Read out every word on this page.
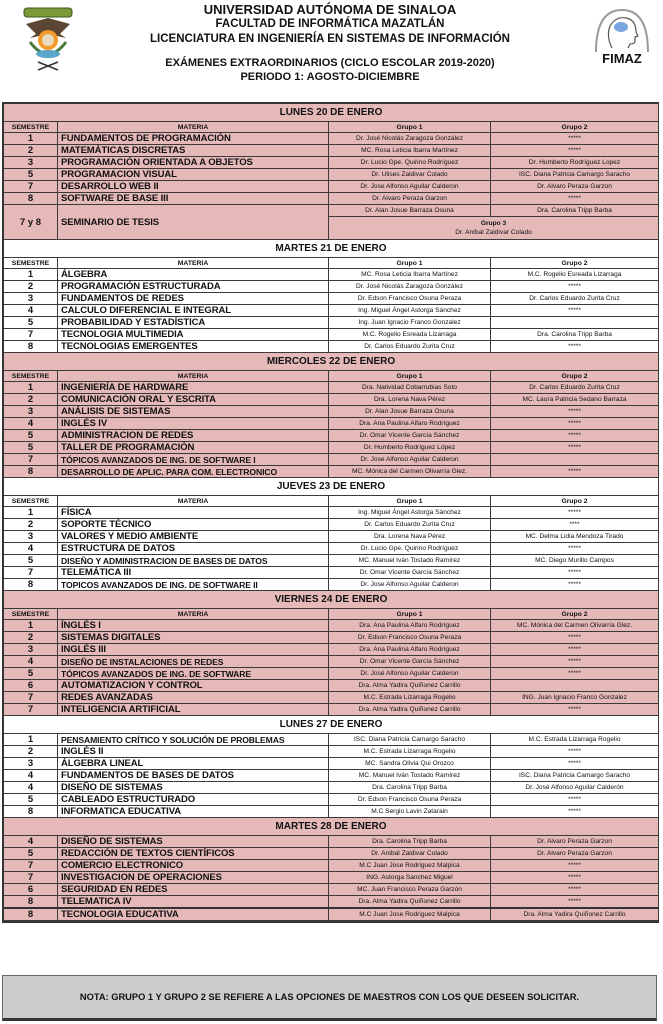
UNIVERSIDAD AUTÓNOMA DE SINALOA
FACULTAD DE INFORMÁTICA MAZATLÁN
LICENCIATURA EN INGENIERÍA EN SISTEMAS DE INFORMACIÓN
EXÁMENES EXTRAORDINARIOS (CICLO ESCOLAR 2019-2020)
PERIODO 1: AGOSTO-DICIEMBRE
FIMAZ
LUNES 20 DE ENERO			
SEMESTRE	MATERIA	Grupo 1	Grupo 2
1	FUNDAMENTOS DE PROGRAMACIÓN	Dr. José Nicolás Zaragoza González	*****
2	MATEMÁTICAS DISCRETAS	MC. Rosa Leticia Ibarra Martínez	*****
3	PROGRAMACIÓN ORIENTADA A OBJETOS	Dr. Lucio Gpe. Quirino Rodríguez	Dr. Humberto Rodríguez Lopez
5	PROGRAMACION VISUAL	Dr. Ulises Zaldivar Colado	ISC. Diana Patricia Camargo Saracho
7	DESARROLLO WEB II	Dr. Jose Alfonso Aguilar Calderon	Dr. Alvaro Peraza Garzon
8	SOFTWARE DE BASE III	Dr. Alvaro Peraza Garzon	*****
7 y 8	SEMINARIO DE TESIS	Dr. Alan Josue Barraza Osuna	Dra. Carolina Tripp Barba

		Grupo 3
Dr. Aníbal Zaldivar Colado	
MARTES 21 DE ENERO			
SEMESTRE	MATERIA	Grupo 1	Grupo 2
1	ÁLGEBRA	MC. Rosa Leticia Ibarra Martínez	M.C. Rogelio Esreada Lizarraga
2	PROGRAMACIÓN ESTRUCTURADA	Dr. José Nicolás Zaragoza González	*****
3	FUNDAMENTOS DE REDES	Dr. Edson Francisco Osuna Peraza	Dr. Carlos Eduardo Zurita Cruz
4	CALCULO DIFERENCIAL E INTEGRAL	Ing. Miguel Ángel Astorga Sánchez	*****
5	PROBABILIDAD Y ESTADÍSTICA	Ing. Juan Ignacio Franco Gonzalez	
7	TECNOLOGIA MULTIMEDIA	M.C. Rogelio Esreada Lizarraga	Dra. Carolina Tripp Barba
8	TECNOLOGIAS EMERGENTES	Dr. Carlos Eduardo Zurita Cruz	*****
MIERCOLES 22 DE ENERO			
SEMESTRE	MATERIA	Grupo 1	Grupo 2
1	INGENIERÍA DE HARDWARE	Dra. Natividad Cobarrubias Soto	Dr. Carlos Eduardo Zurita Cruz
2	COMUNICACIÓN ORAL Y ESCRITA	Dra. Lorena Nava Pérez	MC. Laura Patricia Sedano Barraza
3	ANÁLISIS DE SISTEMAS	Dr. Alan Josue Barraza Osuna	*****
4	INGLÉS IV	Dra. Ana Paulina Alfaro Rodríguez	*****
5	ADMINISTRACION DE REDES	Dr. Omar Vicente García Sánchez	*****
5	TALLER DE PROGRAMACIÓN	Dr. Humberto Rodríguez López	*****
7	TÓPICOS AVANZADOS DE ING. DE SOFTWARE I	Dr. Jose Alfonso Aguilar Calderon	
8	DESARROLLO DE APLIC. PARA COM. ELECTRONICO	MC. Mónica del Carmen Olivarría Glez.	*****
JUEVES 23 DE ENERO			
SEMESTRE	MATERIA	Grupo 1	Grupo 2
1	FÍSICA	Ing. Miguel Ángel Astorga Sánchez	*****
2	SOPORTE TÉCNICO	Dr. Carlos Eduardo Zurita Cruz	****
3	VALORES Y MEDIO AMBIENTE	Dra. Lorena Nava Pérez	MC. Delma Lidia Mendoza Tirado
4	ESTRUCTURA DE DATOS	Dr. Lucio Gpe. Quirino Rodríguez	*****
5	DISEÑO Y ADMINISTRACION DE BASES DE DATOS	MC. Manuel Iván Tostado Ramírez	MC. Diego Murillo Campos
7	TELEMÁTICA III	Dr. Omar Vicente García Sánchez	*****
8	TOPICOS AVANZADOS DE ING. DE SOFTWARE II	Dr. Jose Alfonso Aguilar Calderon	*****
VIERNES 24 DE ENERO			
SEMESTRE	MATERIA	Grupo 1	Grupo 2
1	ÍNGLÉS I	Dra. Ana Paulina Alfaro Rodríguez	MC. Mónica del Carmen Olivarría Glez.
2	SISTEMAS DIGITALES	Dr. Edson Francisco Osuna Peraza	*****
3	INGLÉS III	Dra. Ana Paulina Alfaro Rodríguez	*****
4	DISEÑO DE INSTALACIONES DE REDES	Dr. Omar Vicente García Sánchez	*****
5	TÓPICOS AVANZADOS DE ING. DE SOFTWARE	Dr. José Alfonso Aguilar Calderon	*****
6	AUTOMATIZACION Y CONTROL	Dra. Alma Yadira Quiñonez Carrillo	
7	REDES AVANZADAS	M.C. Estrada Lizarraga Rogelio	ING. Juan Ignacio Franco Gonzalez
7	INTELIGENCIA ARTIFICIAL	Dra. Alma Yadira Quiñonez Carrillo	*****
LUNES 27 DE ENERO			
1	PENSAMIENTO CRÍTICO Y SOLUCIÓN DE PROBLEMAS	ISC. Diana Patricia Camargo Saracho	M.C. Estrada Lizarraga Rogelio
2	INGLÉS II	M.C. Estrada Lizarraga Rogelio	*****
3	ÁLGEBRA LINEAL	MC. Sandra Olivia Qui Orozco	*****
4	FUNDAMENTOS DE BASES DE DATOS	MC. Manuel Iván Tostado Ramírez	ISC. Diana Patricia Camargo Saracho
4	DISEÑO DE SISTEMAS	Dra. Carolina Tripp Barba	Dr. José Alfonso Aguilar Calderón
5	CABLEADO ESTRUCTURADO	Dr. Edson Francisco Osuna Peraza	*****
8	INFORMATICA EDUCATIVA	M.C Sergio Lavin Zatarain	*****
MARTES 28 DE ENERO			
4	DISEÑO DE SISTEMAS	Dra. Carolina Tripp Barba	Dr. Alvaro Peraza Garzon
5	REDACCIÓN DE TEXTOS CIENTÍFICOS	Dr. Aníbal Zaldivar Colado	Dr. Alvaro Peraza Garzon
7	COMERCIO ELECTRONICO	M.C Juan Jose Rodriguez Malpica	*****
7	INVESTIGACION DE OPERACIONES	ING. Astorga Sanchez Miguel	*****
6	SEGURIDAD EN REDES	MC. Juan Francisco Peraza Garzón	*****
8	TELEMATICA IV	Dra. Alma Yadira Quiñonez Carrillo	*****
8	TECNOLOGIA EDUCATIVA	M.C Juan Jose Rodriguez Malpica	Dra. Alma Yadira Quiñonez Carrillo
NOTA: GRUPO 1 Y GRUPO 2 SE REFIERE A LAS OPCIONES DE MAESTROS CON LOS QUE DESEEN SOLICITAR.
